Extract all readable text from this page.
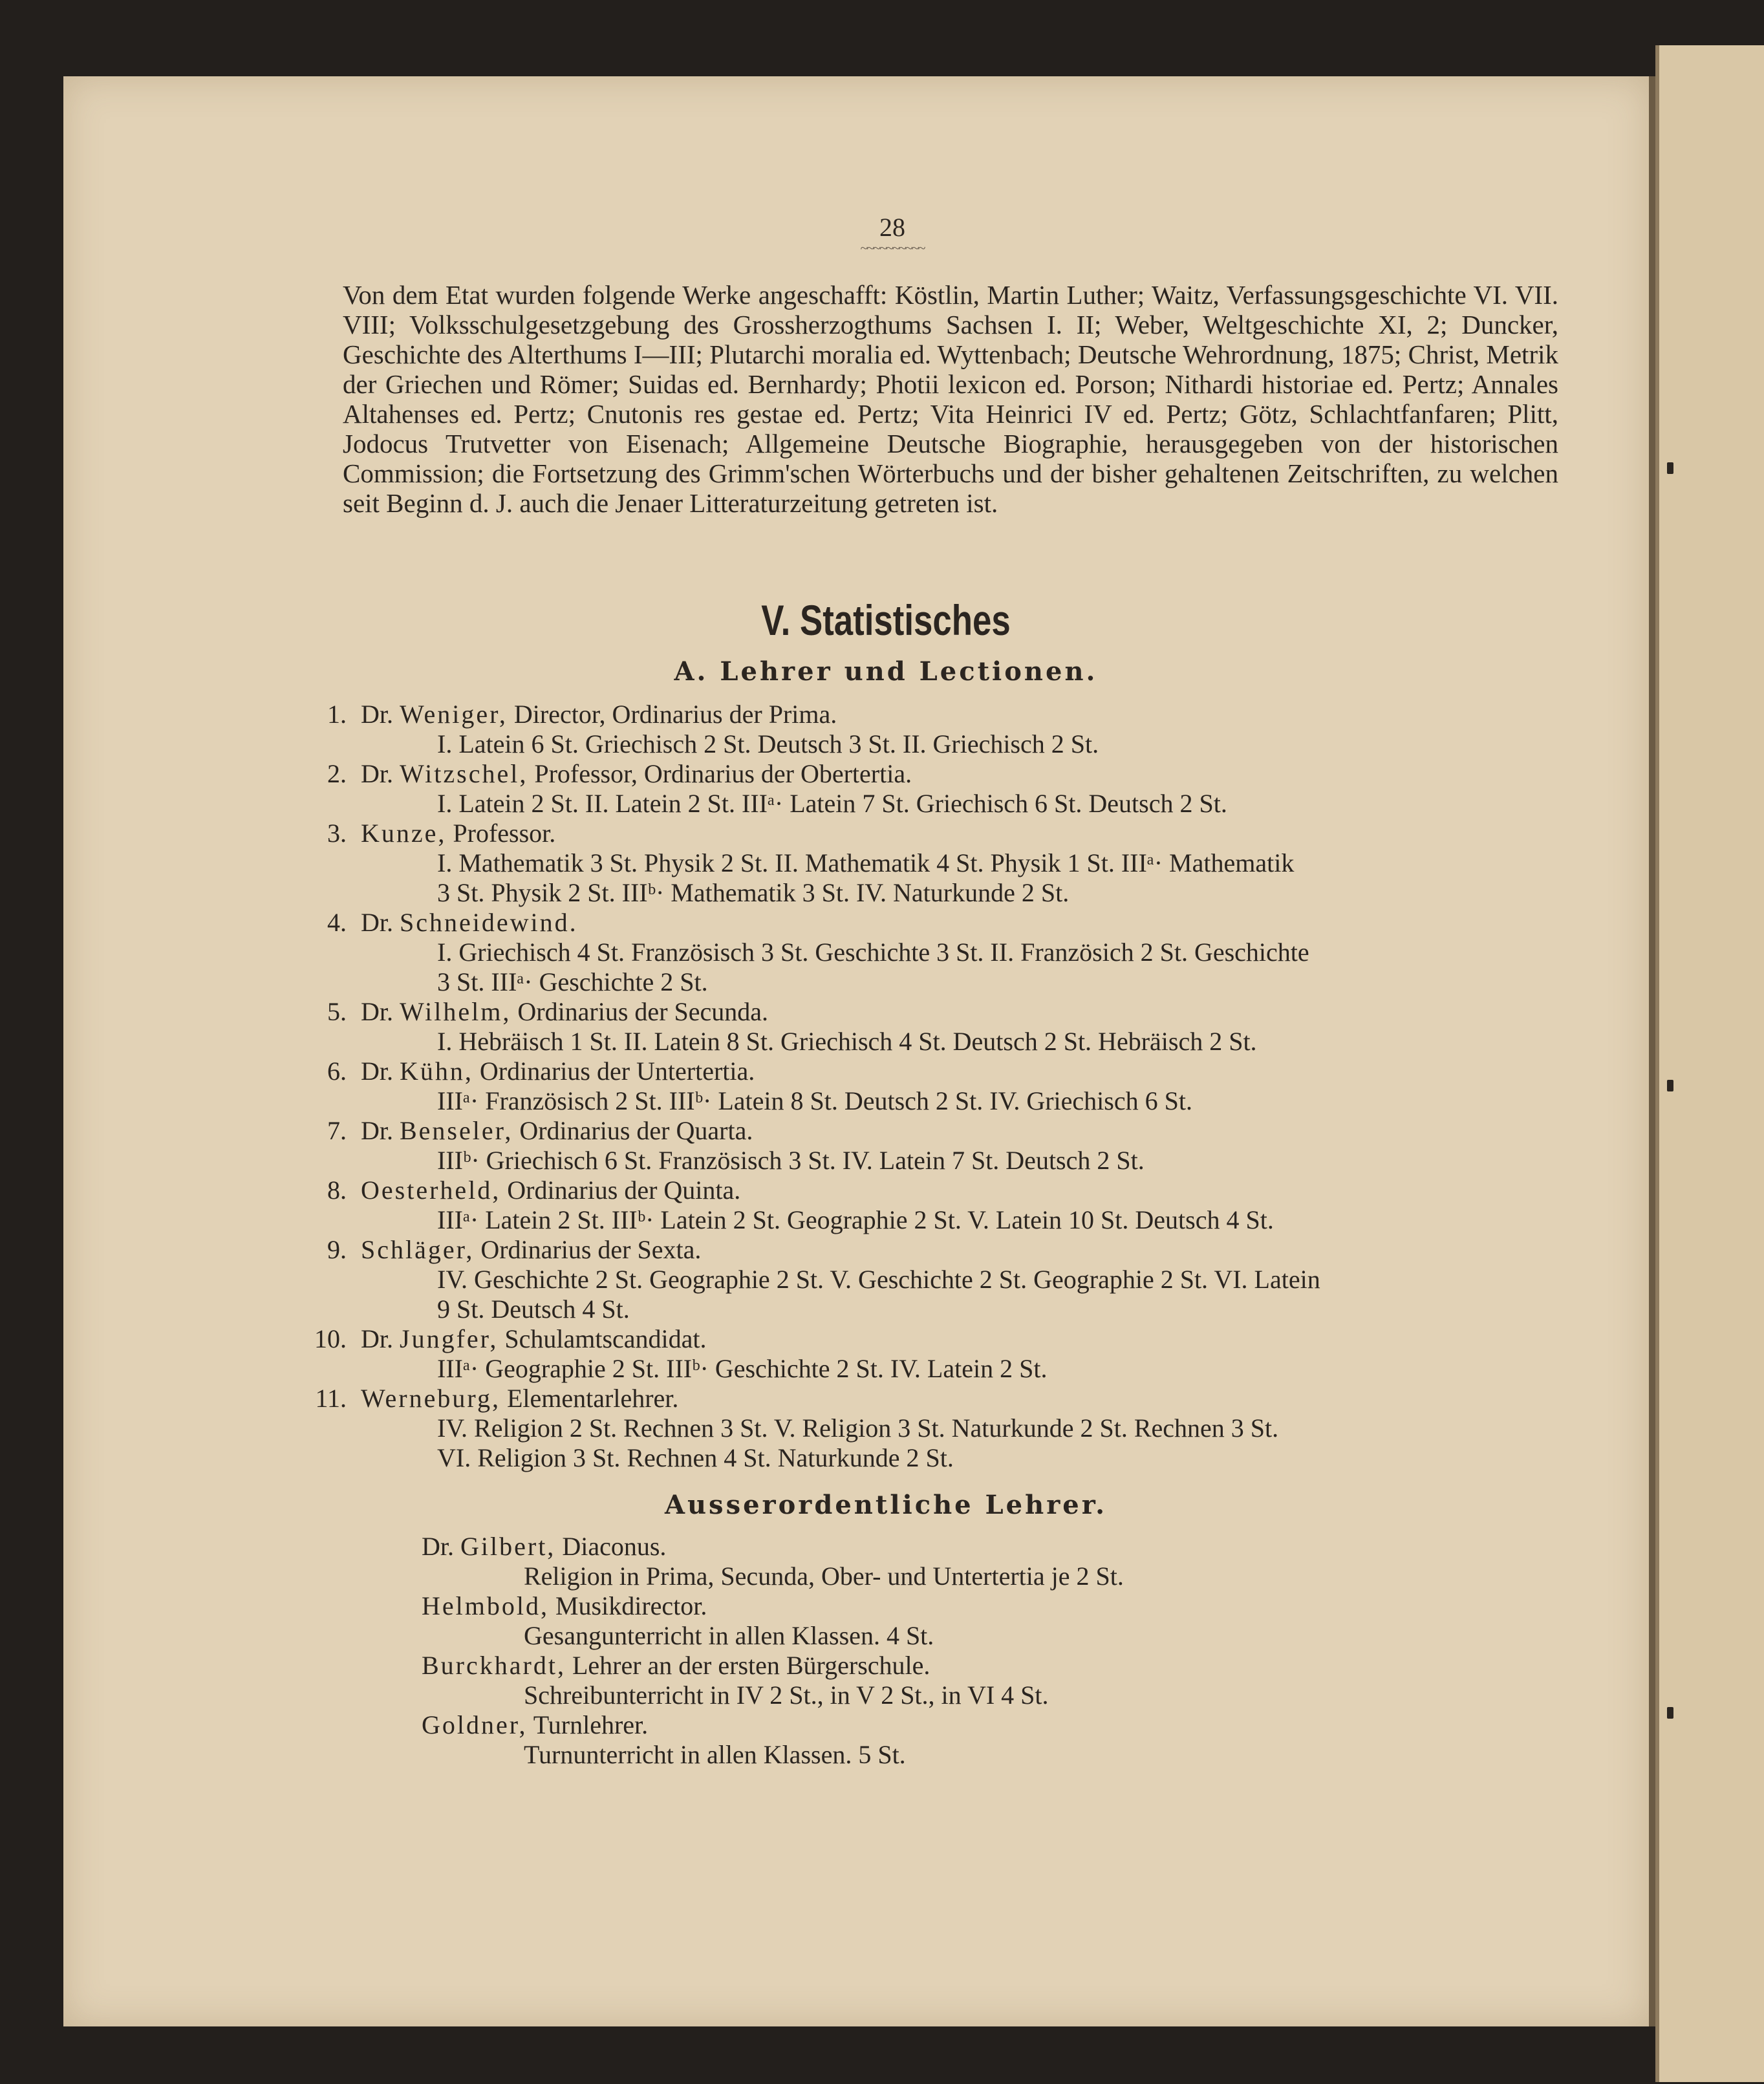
28
~~~~~~~~~~

Von dem Etat wurden folgende Werke angeschafft: Köstlin, Martin Luther; Waitz, Verfassungsgeschichte VI. VII. VIII; Volksschulgesetzgebung des Grossherzogthums Sachsen I. II; Weber, Weltgeschichte XI, 2; Duncker, Geschichte des Alterthums I—III; Plutarchi moralia ed. Wyttenbach; Deutsche Wehrordnung, 1875; Christ, Metrik der Griechen und Römer; Suidas ed. Bernhardy; Photii lexicon ed. Porson; Nithardi historiae ed. Pertz; Annales Altahenses ed. Pertz; Cnutonis res gestae ed. Pertz; Vita Heinrici IV ed. Pertz; Götz, Schlachtfanfaren; Plitt, Jodocus Trutvetter von Eisenach; Allgemeine Deutsche Biographie, herausgegeben von der historischen Commission; die Fortsetzung des Grimm'schen Wörterbuchs und der bisher gehaltenen Zeitschriften, zu welchen seit Beginn d. J. auch die Jenaer Litteraturzeitung getreten ist.

V. Statistisches
A. Lehrer und Lectionen.
1. Dr. Weniger, Director, Ordinarius der Prima.
I. Latein 6 St. Griechisch 2 St. Deutsch 3 St. II. Griechisch 2 St.
2. Dr. Witzschel, Professor, Ordinarius der Obertertia.
I. Latein 2 St. II. Latein 2 St. IIIᵃ· Latein 7 St. Griechisch 6 St. Deutsch 2 St.
3. Kunze, Professor.
I. Mathematik 3 St. Physik 2 St. II. Mathematik 4 St. Physik 1 St. IIIᵃ· Mathematik
3 St. Physik 2 St. IIIᵇ· Mathematik 3 St. IV. Naturkunde 2 St.
4. Dr. Schneidewind.
I. Griechisch 4 St. Französisch 3 St. Geschichte 3 St. II. Französich 2 St. Geschichte
3 St. IIIᵃ· Geschichte 2 St.
5. Dr. Wilhelm, Ordinarius der Secunda.
I. Hebräisch 1 St. II. Latein 8 St. Griechisch 4 St. Deutsch 2 St. Hebräisch 2 St.
6. Dr. Kühn, Ordinarius der Untertertia.
IIIᵃ· Französisch 2 St. IIIᵇ· Latein 8 St. Deutsch 2 St. IV. Griechisch 6 St.
7. Dr. Benseler, Ordinarius der Quarta.
IIIᵇ· Griechisch 6 St. Französisch 3 St. IV. Latein 7 St. Deutsch 2 St.
8. Oesterheld, Ordinarius der Quinta.
IIIᵃ· Latein 2 St. IIIᵇ· Latein 2 St. Geographie 2 St. V. Latein 10 St. Deutsch 4 St.
9. Schläger, Ordinarius der Sexta.
IV. Geschichte 2 St. Geographie 2 St. V. Geschichte 2 St. Geographie 2 St. VI. Latein
9 St. Deutsch 4 St.
10. Dr. Jungfer, Schulamtscandidat.
IIIᵃ· Geographie 2 St. IIIᵇ· Geschichte 2 St. IV. Latein 2 St.
11. Werneburg, Elementarlehrer.
IV. Religion 2 St. Rechnen 3 St. V. Religion 3 St. Naturkunde 2 St. Rechnen 3 St.
VI. Religion 3 St. Rechnen 4 St. Naturkunde 2 St.
Ausserordentliche Lehrer.
Dr. Gilbert, Diaconus.
Religion in Prima, Secunda, Ober- und Untertertia je 2 St.
Helmbold, Musikdirector.
Gesangunterricht in allen Klassen. 4 St.
Burckhardt, Lehrer an der ersten Bürgerschule.
Schreibunterricht in IV 2 St., in V 2 St., in VI 4 St.
Goldner, Turnlehrer.
Turnunterricht in allen Klassen. 5 St.
